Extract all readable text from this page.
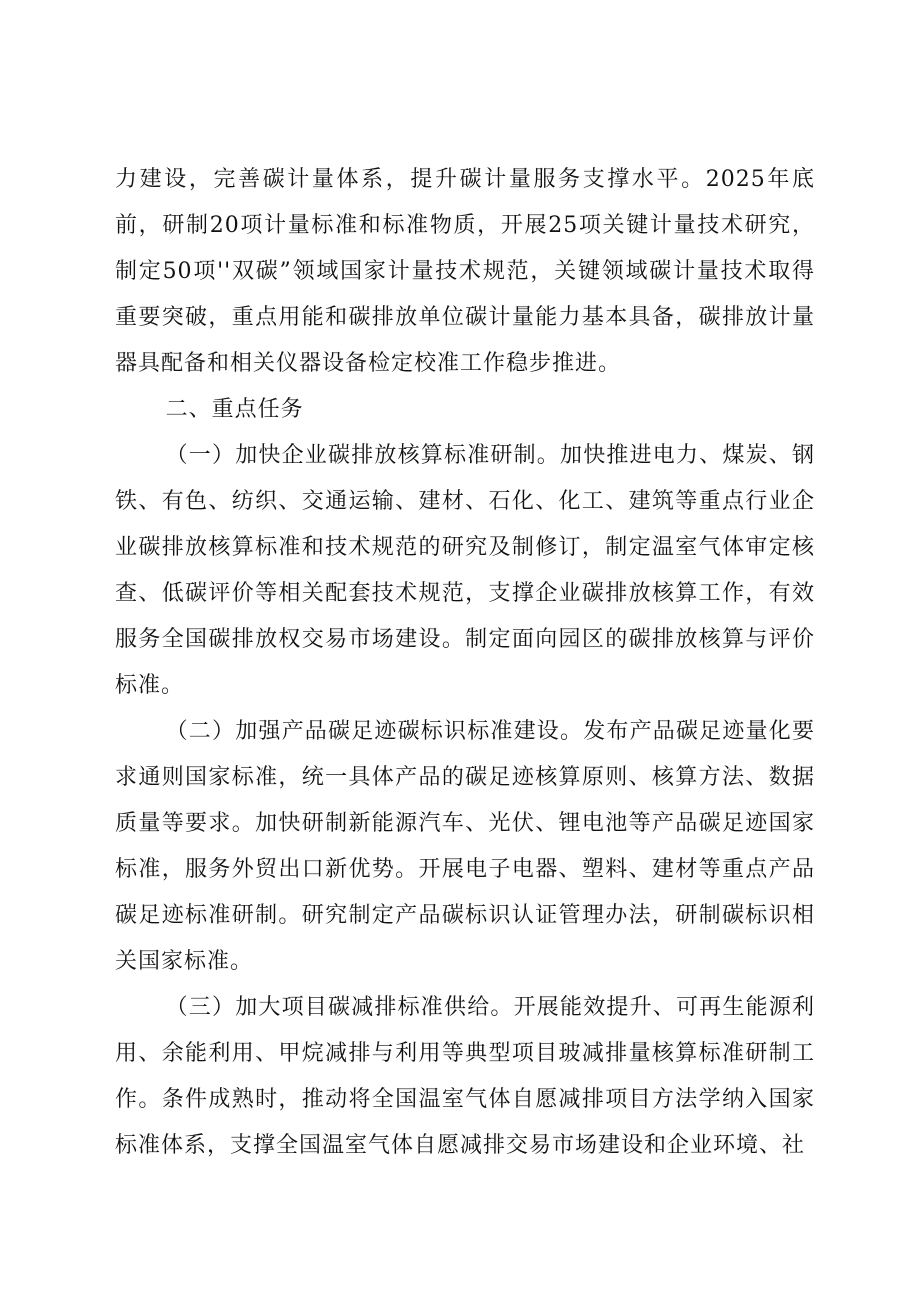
力建设，完善碳计量体系，提升碳计量服务支撑水平。2025年底前，研制20项计量标准和标准物质，开展25项关键计量技术研究，制定50项''双碳”领域国家计量技术规范，关键领域碳计量技术取得重要突破，重点用能和碳排放单位碳计量能力基本具备，碳排放计量器具配备和相关仪器设备检定校准工作稳步推进。

二、重点任务

（一）加快企业碳排放核算标准研制。加快推进电力、煤炭、钢铁、有色、纺织、交通运输、建材、石化、化工、建筑等重点行业企业碳排放核算标准和技术规范的研究及制修订，制定温室气体审定核查、低碳评价等相关配套技术规范，支撑企业碳排放核算工作，有效服务全国碳排放权交易市场建设。制定面向园区的碳排放核算与评价标准。

（二）加强产品碳足迹碳标识标准建设。发布产品碳足迹量化要求通则国家标准，统一具体产品的碳足迹核算原则、核算方法、数据质量等要求。加快研制新能源汽车、光伏、锂电池等产品碳足迹国家标准，服务外贸出口新优势。开展电子电器、塑料、建材等重点产品碳足迹标准研制。研究制定产品碳标识认证管理办法，研制碳标识相关国家标准。

（三）加大项目碳减排标准供给。开展能效提升、可再生能源利用、余能利用、甲烷减排与利用等典型项目玻减排量核算标准研制工作。条件成熟时，推动将全国温室气体自愿减排项目方法学纳入国家标准体系，支撑全国温室气体自愿减排交易市场建设和企业环境、社
